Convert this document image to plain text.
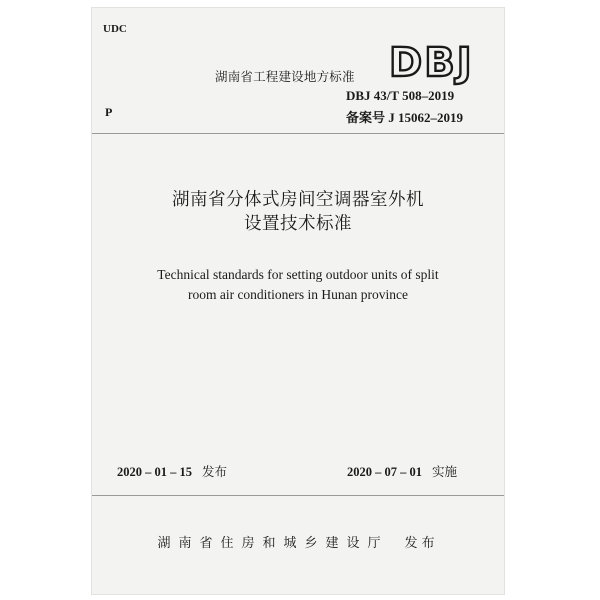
UDC
湖南省工程建设地方标准 DBJ
DBJ 43/T 508–2019
P	备案号 J 15062–2019
湖南省分体式房间空调器室外机
设置技术标准
Technical standards for setting outdoor units of split
room air conditioners in Hunan province
2020 – 01 – 15 发布	2020 – 07 – 01 实施
湖南省住房和城乡建设厅 发布
